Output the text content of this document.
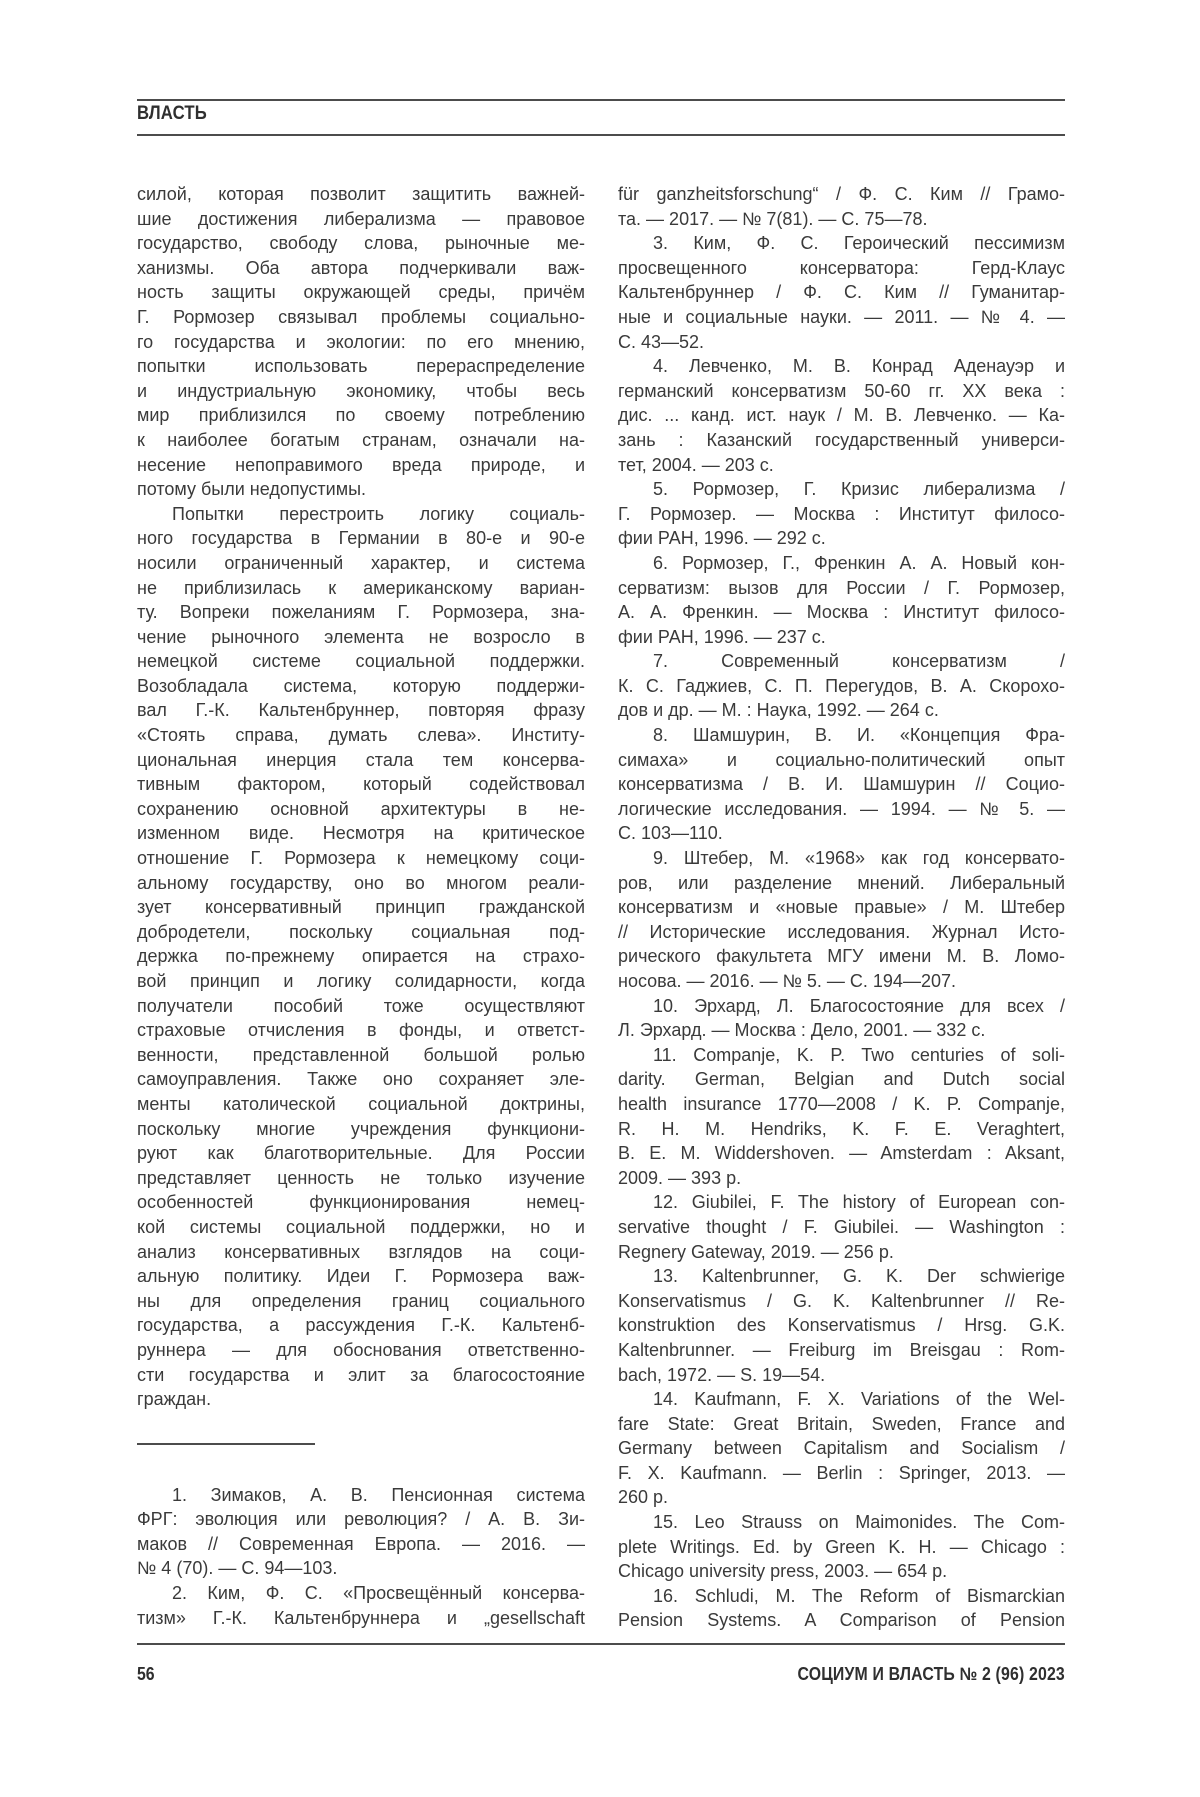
ВЛАСТЬ
силой, которая позволит защитить важней-
шие достижения либерализма — правовое
государство, свободу слова, рыночные ме-
ханизмы. Оба автора подчеркивали важ-
ность защиты окружающей среды, причём
Г. Рормозер связывал проблемы социально-
го государства и экологии: по его мнению,
попытки использовать перераспределение
и индустриальную экономику, чтобы весь
мир приблизился по своему потреблению
к наиболее богатым странам, означали на-
несение непоправимого вреда природе, и
потому были недопустимы.
Попытки перестроить логику социаль-
ного государства в Германии в 80-е и 90-е
носили ограниченный характер, и система
не приблизилась к американскому вариан-
ту. Вопреки пожеланиям Г. Рормозера, зна-
чение рыночного элемента не возросло в
немецкой системе социальной поддержки.
Возобладала система, которую поддержи-
вал Г.-К. Кальтенбруннер, повторяя фразу
«Стоять справа, думать слева». Институ-
циональная инерция стала тем консерва-
тивным фактором, который содействовал
сохранению основной архитектуры в не-
изменном виде. Несмотря на критическое
отношение Г. Рормозера к немецкому соци-
альному государству, оно во многом реали-
зует консервативный принцип гражданской
добродетели, поскольку социальная под-
держка по-прежнему опирается на страхо-
вой принцип и логику солидарности, когда
получатели пособий тоже осуществляют
страховые отчисления в фонды, и ответст-
венности, представленной большой ролью
самоуправления. Также оно сохраняет эле-
менты католической социальной доктрины,
поскольку многие учреждения функциони-
руют как благотворительные. Для России
представляет ценность не только изучение
особенностей функционирования немец-
кой системы социальной поддержки, но и
анализ консервативных взглядов на соци-
альную политику. Идеи Г. Рормозера важ-
ны для определения границ социального
государства, а рассуждения Г.-К. Кальтенб-
руннера — для обоснования ответственно-
сти государства и элит за благосостояние
граждан.
1. Зимаков, А. В. Пенсионная система
ФРГ: эволюция или революция? / А. В. Зи-
маков // Современная Европа. — 2016. —
№ 4 (70). — С. 94—103.
2. Ким, Ф. С. «Просвещённый консерва-
тизм» Г.-К. Кальтенбруннера и „gesellschaft
für ganzheitsforschung“ / Ф. С. Ким // Грамо-
та. — 2017. — № 7(81). — С. 75—78.
3. Ким, Ф. С. Героический пессимизм
просвещенного консерватора: Герд-Клаус
Кальтенбруннер / Ф. С. Ким // Гуманитар-
ные и социальные науки. — 2011. — № 4. —
С. 43—52.
4. Левченко, М. В. Конрад Аденауэр и
германский консерватизм 50-60 гг. XX века :
дис. ... канд. ист. наук / М. В. Левченко. — Ка-
зань : Казанский государственный универси-
тет, 2004. — 203 с.
5. Рормозер, Г. Кризис либерализма /
Г. Рормозер. — Москва : Институт филосо-
фии РАН, 1996. — 292 с.
6. Рормозер, Г., Френкин А. А. Новый кон-
серватизм: вызов для России / Г. Рормозер,
А. А. Френкин. — Москва : Институт филосо-
фии РАН, 1996. — 237 с.
7. Современный консерватизм /
К. С. Гаджиев, С. П. Перегудов, В. А. Скорохо-
дов и др. — М. : Наука, 1992. — 264 с.
8. Шамшурин, В. И. «Концепция Фра-
симаха» и социально-политический опыт
консерватизма / В. И. Шамшурин // Социо-
логические исследования. — 1994. — № 5. —
С. 103—110.
9. Штебер, М. «1968» как год консервато-
ров, или разделение мнений. Либеральный
консерватизм и «новые правые» / М. Штебер
// Исторические исследования. Журнал Исто-
рического факультета МГУ имени М. В. Ломо-
носова. — 2016. — № 5. — С. 194—207.
10. Эрхард, Л. Благосостояние для всех /
Л. Эрхард. — Москва : Дело, 2001. — 332 с.
11. Companje, K. P. Two centuries of soli-
darity. German, Belgian and Dutch social
health insurance 1770—2008 / K. P. Companje,
R. H. M. Hendriks, K. F. E. Veraghtert,
B. E. M. Widdershoven. — Amsterdam : Aksant,
2009. — 393 p.
12. Giubilei, F. The history of European con-
servative thought / F. Giubilei. — Washington :
Regnery Gateway, 2019. — 256 p.
13. Kaltenbrunner, G. K. Der schwierige
Konservatismus / G. K. Kaltenbrunner // Re-
konstruktion des Konservatismus / Hrsg. G.K.
Kaltenbrunner. — Freiburg im Breisgau : Rom-
bach, 1972. — S. 19—54.
14. Kaufmann, F. X. Variations of the Wel-
fare State: Great Britain, Sweden, France and
Germany between Capitalism and Socialism /
F. X. Kaufmann. — Berlin : Springer, 2013. —
260 p.
15. Leo Strauss on Maimonides. The Com-
plete Writings. Ed. by Green K. H. — Chicago :
Chicago university press, 2003. — 654 p.
16. Schludi, M. The Reform of Bismarckian
Pension Systems. A Comparison of Pension
56	СОЦИУМ И ВЛАСТЬ № 2 (96) 2023
